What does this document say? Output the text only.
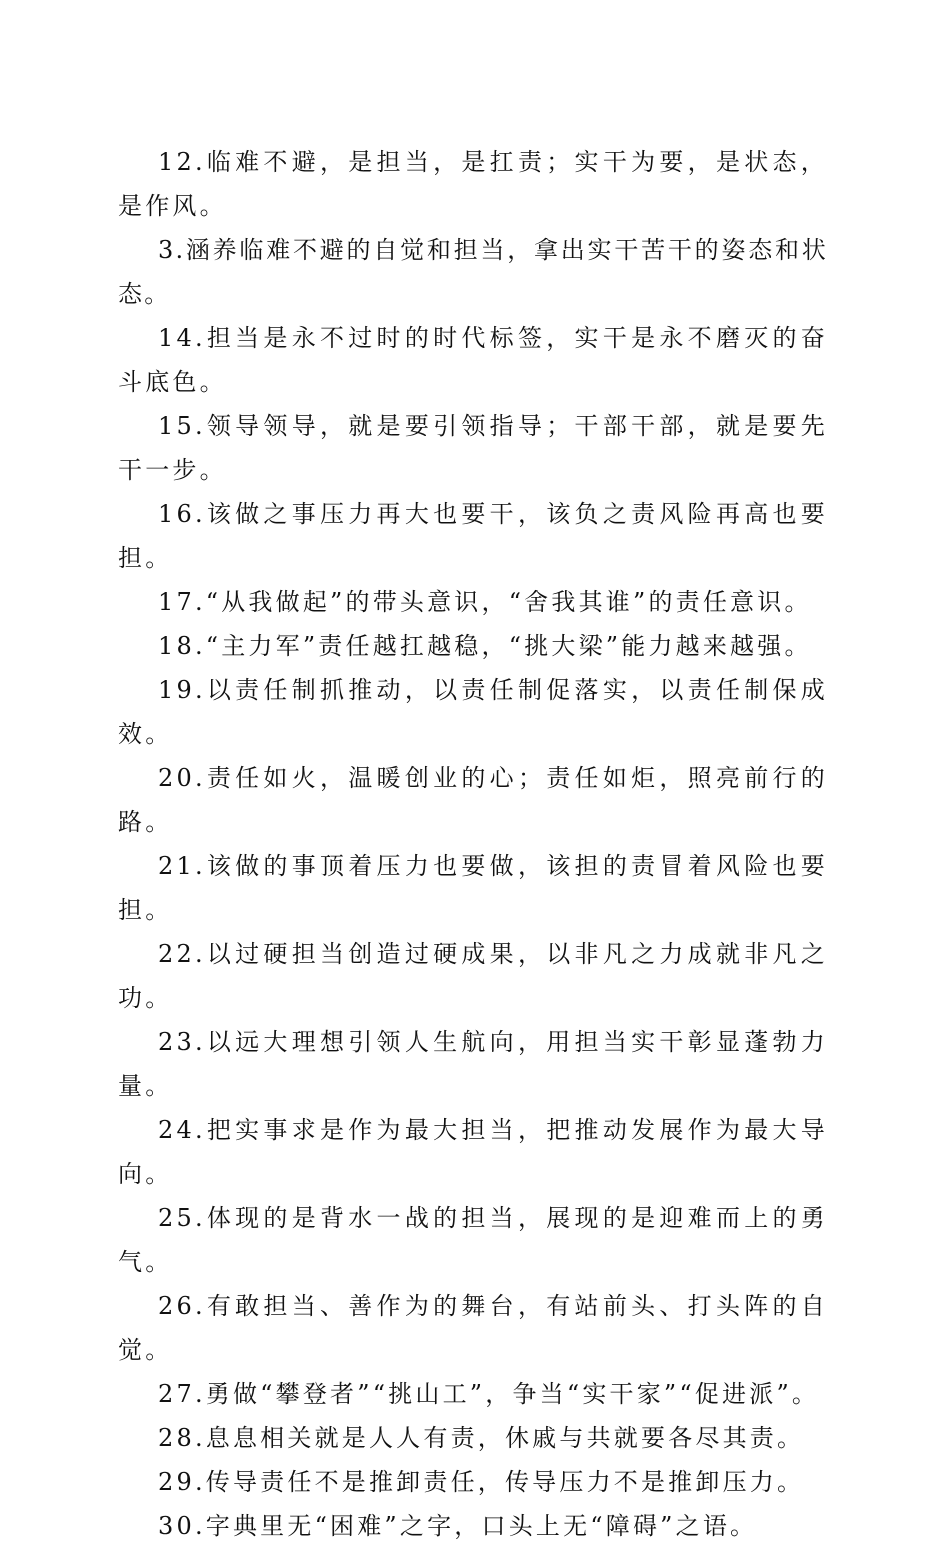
12.临难不避，是担当，是扛责；实干为要，是状态，是作风。

3.涵养临难不避的自觉和担当，拿出实干苦干的姿态和状态。

14.担当是永不过时的时代标签，实干是永不磨灭的奋斗底色。

15.领导领导，就是要引领指导；干部干部，就是要先干一步。

16.该做之事压力再大也要干，该负之责风险再高也要担。

17.“从我做起”的带头意识，“舍我其谁”的责任意识。

18.“主力军”责任越扛越稳，“挑大梁”能力越来越强。

19.以责任制抓推动，以责任制促落实，以责任制保成效。

20.责任如火，温暖创业的心；责任如炬，照亮前行的路。

21.该做的事顶着压力也要做，该担的责冒着风险也要担。

22.以过硬担当创造过硬成果，以非凡之力成就非凡之功。

23.以远大理想引领人生航向，用担当实干彰显蓬勃力量。

24.把实事求是作为最大担当，把推动发展作为最大导向。

25.体现的是背水一战的担当，展现的是迎难而上的勇气。

26.有敢担当、善作为的舞台，有站前头、打头阵的自觉。

27.勇做“攀登者”“挑山工”，争当“实干家”“促进派”。

28.息息相关就是人人有责，休戚与共就要各尽其责。

29.传导责任不是推卸责任，传导压力不是推卸压力。

30.字典里无“困难”之字，口头上无“障碍”之语。
